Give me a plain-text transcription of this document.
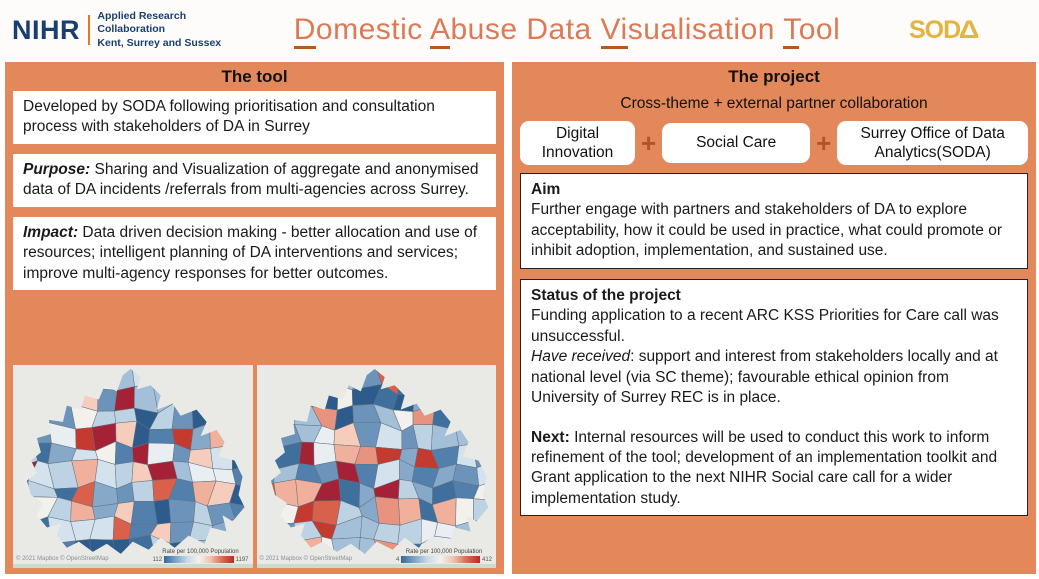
NIHR Applied Research Collaboration
Kent, Surrey and Sussex	Domestic Abuse Data Visualisation Tool	SODΔ
The tool
Developed by SODA following prioritisation and consultation process with stakeholders of DA in Surrey
Purpose: Sharing and Visualization of aggregate and anonymised data of DA incidents /referrals from multi-agencies across Surrey.
Impact: Data driven decision making - better allocation and use of resources; intelligent planning of DA interventions and services; improve multi-agency responses for better outcomes.
© 2021 Mapbox © OpenStreetMap
Rate per 100,000 Population
112	1197 © 2021 Mapbox © OpenStreetMap
Rate per 100,000 Population
4	412
The project
Cross-theme + external partner collaboration
Digital Innovation	+	Social Care	+	Surrey Office of Data Analytics(SODA)
Aim
Further engage with partners and stakeholders of DA to explore acceptability, how it could be used in practice, what could promote or inhibit adoption, implementation, and sustained use.
Status of the project
Funding application to a recent ARC KSS Priorities for Care call was unsuccessful.
Have received: support and interest from stakeholders locally and at national level (via SC theme); favourable ethical opinion from University of Surrey REC is in place.
Next: Internal resources will be used to conduct this work to inform refinement of the tool; development of an implementation toolkit and Grant application to the next NIHR Social care call for a wider implementation study.
